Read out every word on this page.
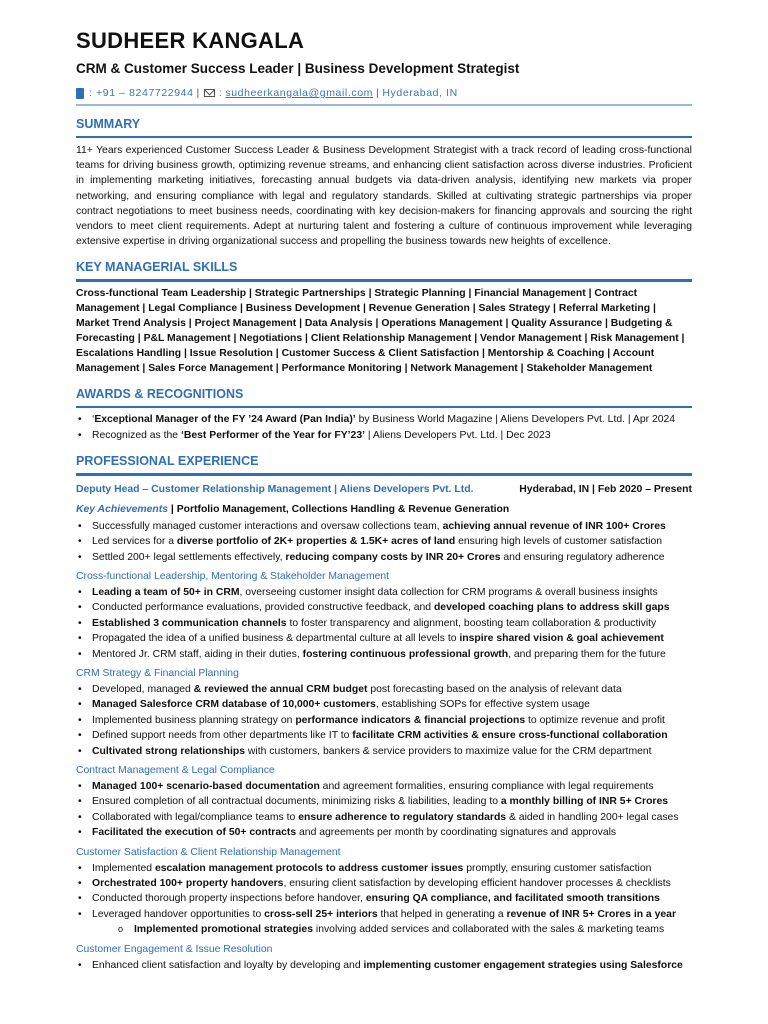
SUDHEER KANGALA
CRM & Customer Success Leader | Business Development Strategist
: +91 – 8247722944 | : sudheerkangala@gmail.com | Hyderabad, IN
SUMMARY
11+ Years experienced Customer Success Leader & Business Development Strategist with a track record of leading cross-functional teams for driving business growth, optimizing revenue streams, and enhancing client satisfaction across diverse industries. Proficient in implementing marketing initiatives, forecasting annual budgets via data-driven analysis, identifying new markets via proper networking, and ensuring compliance with legal and regulatory standards. Skilled at cultivating strategic partnerships via proper contract negotiations to meet business needs, coordinating with key decision-makers for financing approvals and sourcing the right vendors to meet client requirements. Adept at nurturing talent and fostering a culture of continuous improvement while leveraging extensive expertise in driving organizational success and propelling the business towards new heights of excellence.
KEY MANAGERIAL SKILLS
Cross-functional Team Leadership | Strategic Partnerships | Strategic Planning | Financial Management | Contract Management | Legal Compliance | Business Development | Revenue Generation | Sales Strategy | Referral Marketing | Market Trend Analysis | Project Management | Data Analysis | Operations Management | Quality Assurance | Budgeting & Forecasting | P&L Management | Negotiations | Client Relationship Management | Vendor Management | Risk Management | Escalations Handling | Issue Resolution | Customer Success & Client Satisfaction | Mentorship & Coaching | Account Management | Sales Force Management | Performance Monitoring | Network Management | Stakeholder Management
AWARDS & RECOGNITIONS
• ‘Exceptional Manager of the FY ’24 Award (Pan India)’ by Business World Magazine | Aliens Developers Pvt. Ltd. | Apr 2024
• Recognized as the ‘Best Performer of the Year for FY’23’ | Aliens Developers Pvt. Ltd. | Dec 2023
PROFESSIONAL EXPERIENCE
Deputy Head – Customer Relationship Management | Aliens Developers Pvt. Ltd.	Hyderabad, IN | Feb 2020 – Present
Key Achievements | Portfolio Management, Collections Handling & Revenue Generation
• Successfully managed customer interactions and oversaw collections team, achieving annual revenue of INR 100+ Crores
• Led services for a diverse portfolio of 2K+ properties & 1.5K+ acres of land ensuring high levels of customer satisfaction
• Settled 200+ legal settlements effectively, reducing company costs by INR 20+ Crores and ensuring regulatory adherence
Cross-functional Leadership, Mentoring & Stakeholder Management
• Leading a team of 50+ in CRM, overseeing customer insight data collection for CRM programs & overall business insights
• Conducted performance evaluations, provided constructive feedback, and developed coaching plans to address skill gaps
• Established 3 communication channels to foster transparency and alignment, boosting team collaboration & productivity
• Propagated the idea of a unified business & departmental culture at all levels to inspire shared vision & goal achievement
• Mentored Jr. CRM staff, aiding in their duties, fostering continuous professional growth, and preparing them for the future
CRM Strategy & Financial Planning
• Developed, managed & reviewed the annual CRM budget post forecasting based on the analysis of relevant data
• Managed Salesforce CRM database of 10,000+ customers, establishing SOPs for effective system usage
• Implemented business planning strategy on performance indicators & financial projections to optimize revenue and profit
• Defined support needs from other departments like IT to facilitate CRM activities & ensure cross-functional collaboration
• Cultivated strong relationships with customers, bankers & service providers to maximize value for the CRM department
Contract Management & Legal Compliance
• Managed 100+ scenario-based documentation and agreement formalities, ensuring compliance with legal requirements
• Ensured completion of all contractual documents, minimizing risks & liabilities, leading to a monthly billing of INR 5+ Crores
• Collaborated with legal/compliance teams to ensure adherence to regulatory standards & aided in handling 200+ legal cases
• Facilitated the execution of 50+ contracts and agreements per month by coordinating signatures and approvals
Customer Satisfaction & Client Relationship Management
• Implemented escalation management protocols to address customer issues promptly, ensuring customer satisfaction
• Orchestrated 100+ property handovers, ensuring client satisfaction by developing efficient handover processes & checklists
• Conducted thorough property inspections before handover, ensuring QA compliance, and facilitated smooth transitions
• Leveraged handover opportunities to cross-sell 25+ interiors that helped in generating a revenue of INR 5+ Crores in a year
o Implemented promotional strategies involving added services and collaborated with the sales & marketing teams
Customer Engagement & Issue Resolution
• Enhanced client satisfaction and loyalty by developing and implementing customer engagement strategies using Salesforce
